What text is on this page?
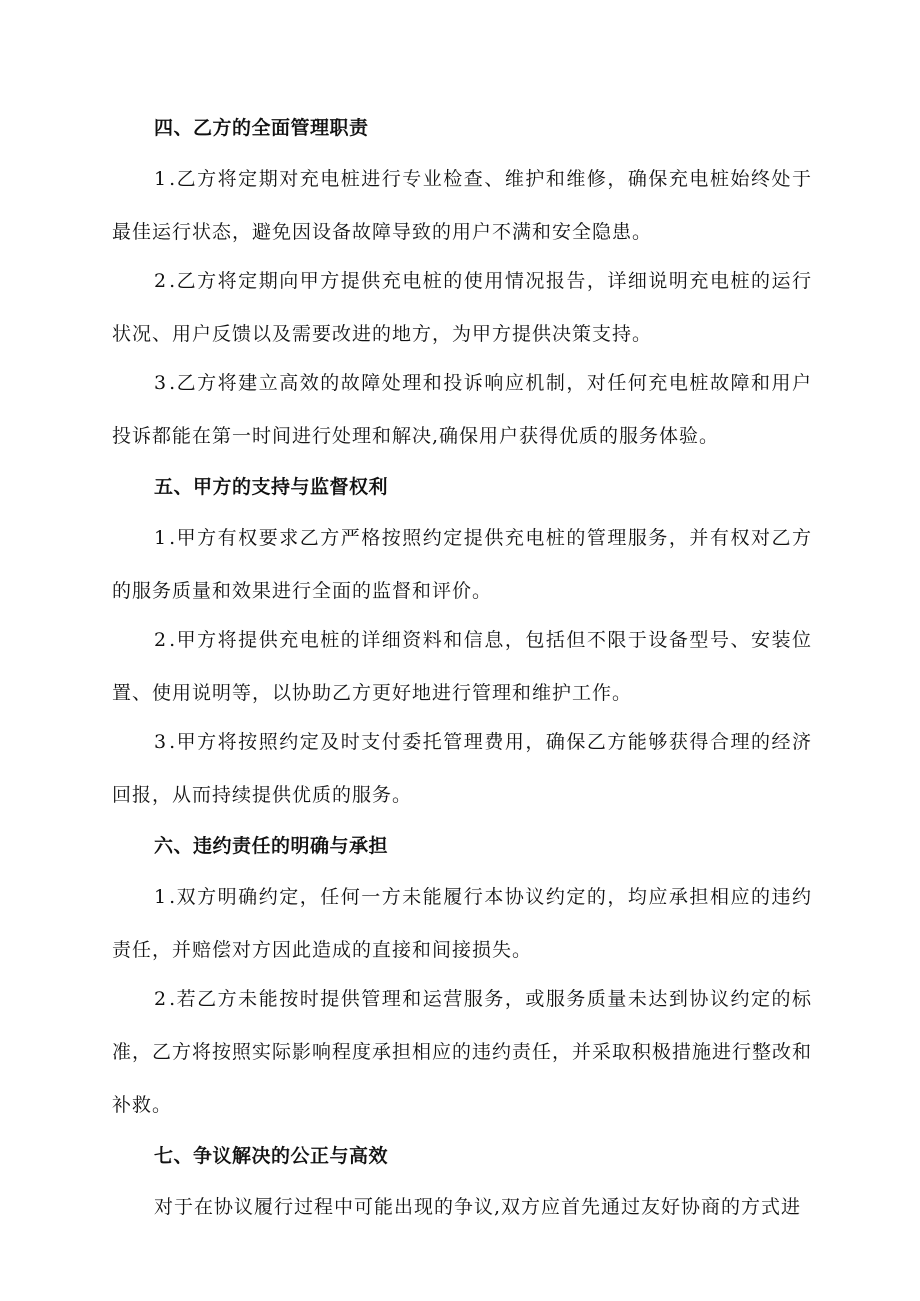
四、乙方的全面管理职责

1.乙方将定期对充电桩进行专业检查、维护和维修，确保充电桩始终处于最佳运行状态，避免因设备故障导致的用户不满和安全隐患。

2.乙方将定期向甲方提供充电桩的使用情况报告，详细说明充电桩的运行状况、用户反馈以及需要改进的地方，为甲方提供决策支持。

3.乙方将建立高效的故障处理和投诉响应机制，对任何充电桩故障和用户投诉都能在第一时间进行处理和解决,确保用户获得优质的服务体验。

五、甲方的支持与监督权利

1.甲方有权要求乙方严格按照约定提供充电桩的管理服务，并有权对乙方的服务质量和效果进行全面的监督和评价。

2.甲方将提供充电桩的详细资料和信息，包括但不限于设备型号、安装位置、使用说明等，以协助乙方更好地进行管理和维护工作。

3.甲方将按照约定及时支付委托管理费用，确保乙方能够获得合理的经济回报，从而持续提供优质的服务。

六、违约责任的明确与承担

1.双方明确约定，任何一方未能履行本协议约定的，均应承担相应的违约责任，并赔偿对方因此造成的直接和间接损失。

2.若乙方未能按时提供管理和运营服务，或服务质量未达到协议约定的标准，乙方将按照实际影响程度承担相应的违约责任，并采取积极措施进行整改和补救。

七、争议解决的公正与高效

对于在协议履行过程中可能出现的争议,双方应首先通过友好协商的方式进
